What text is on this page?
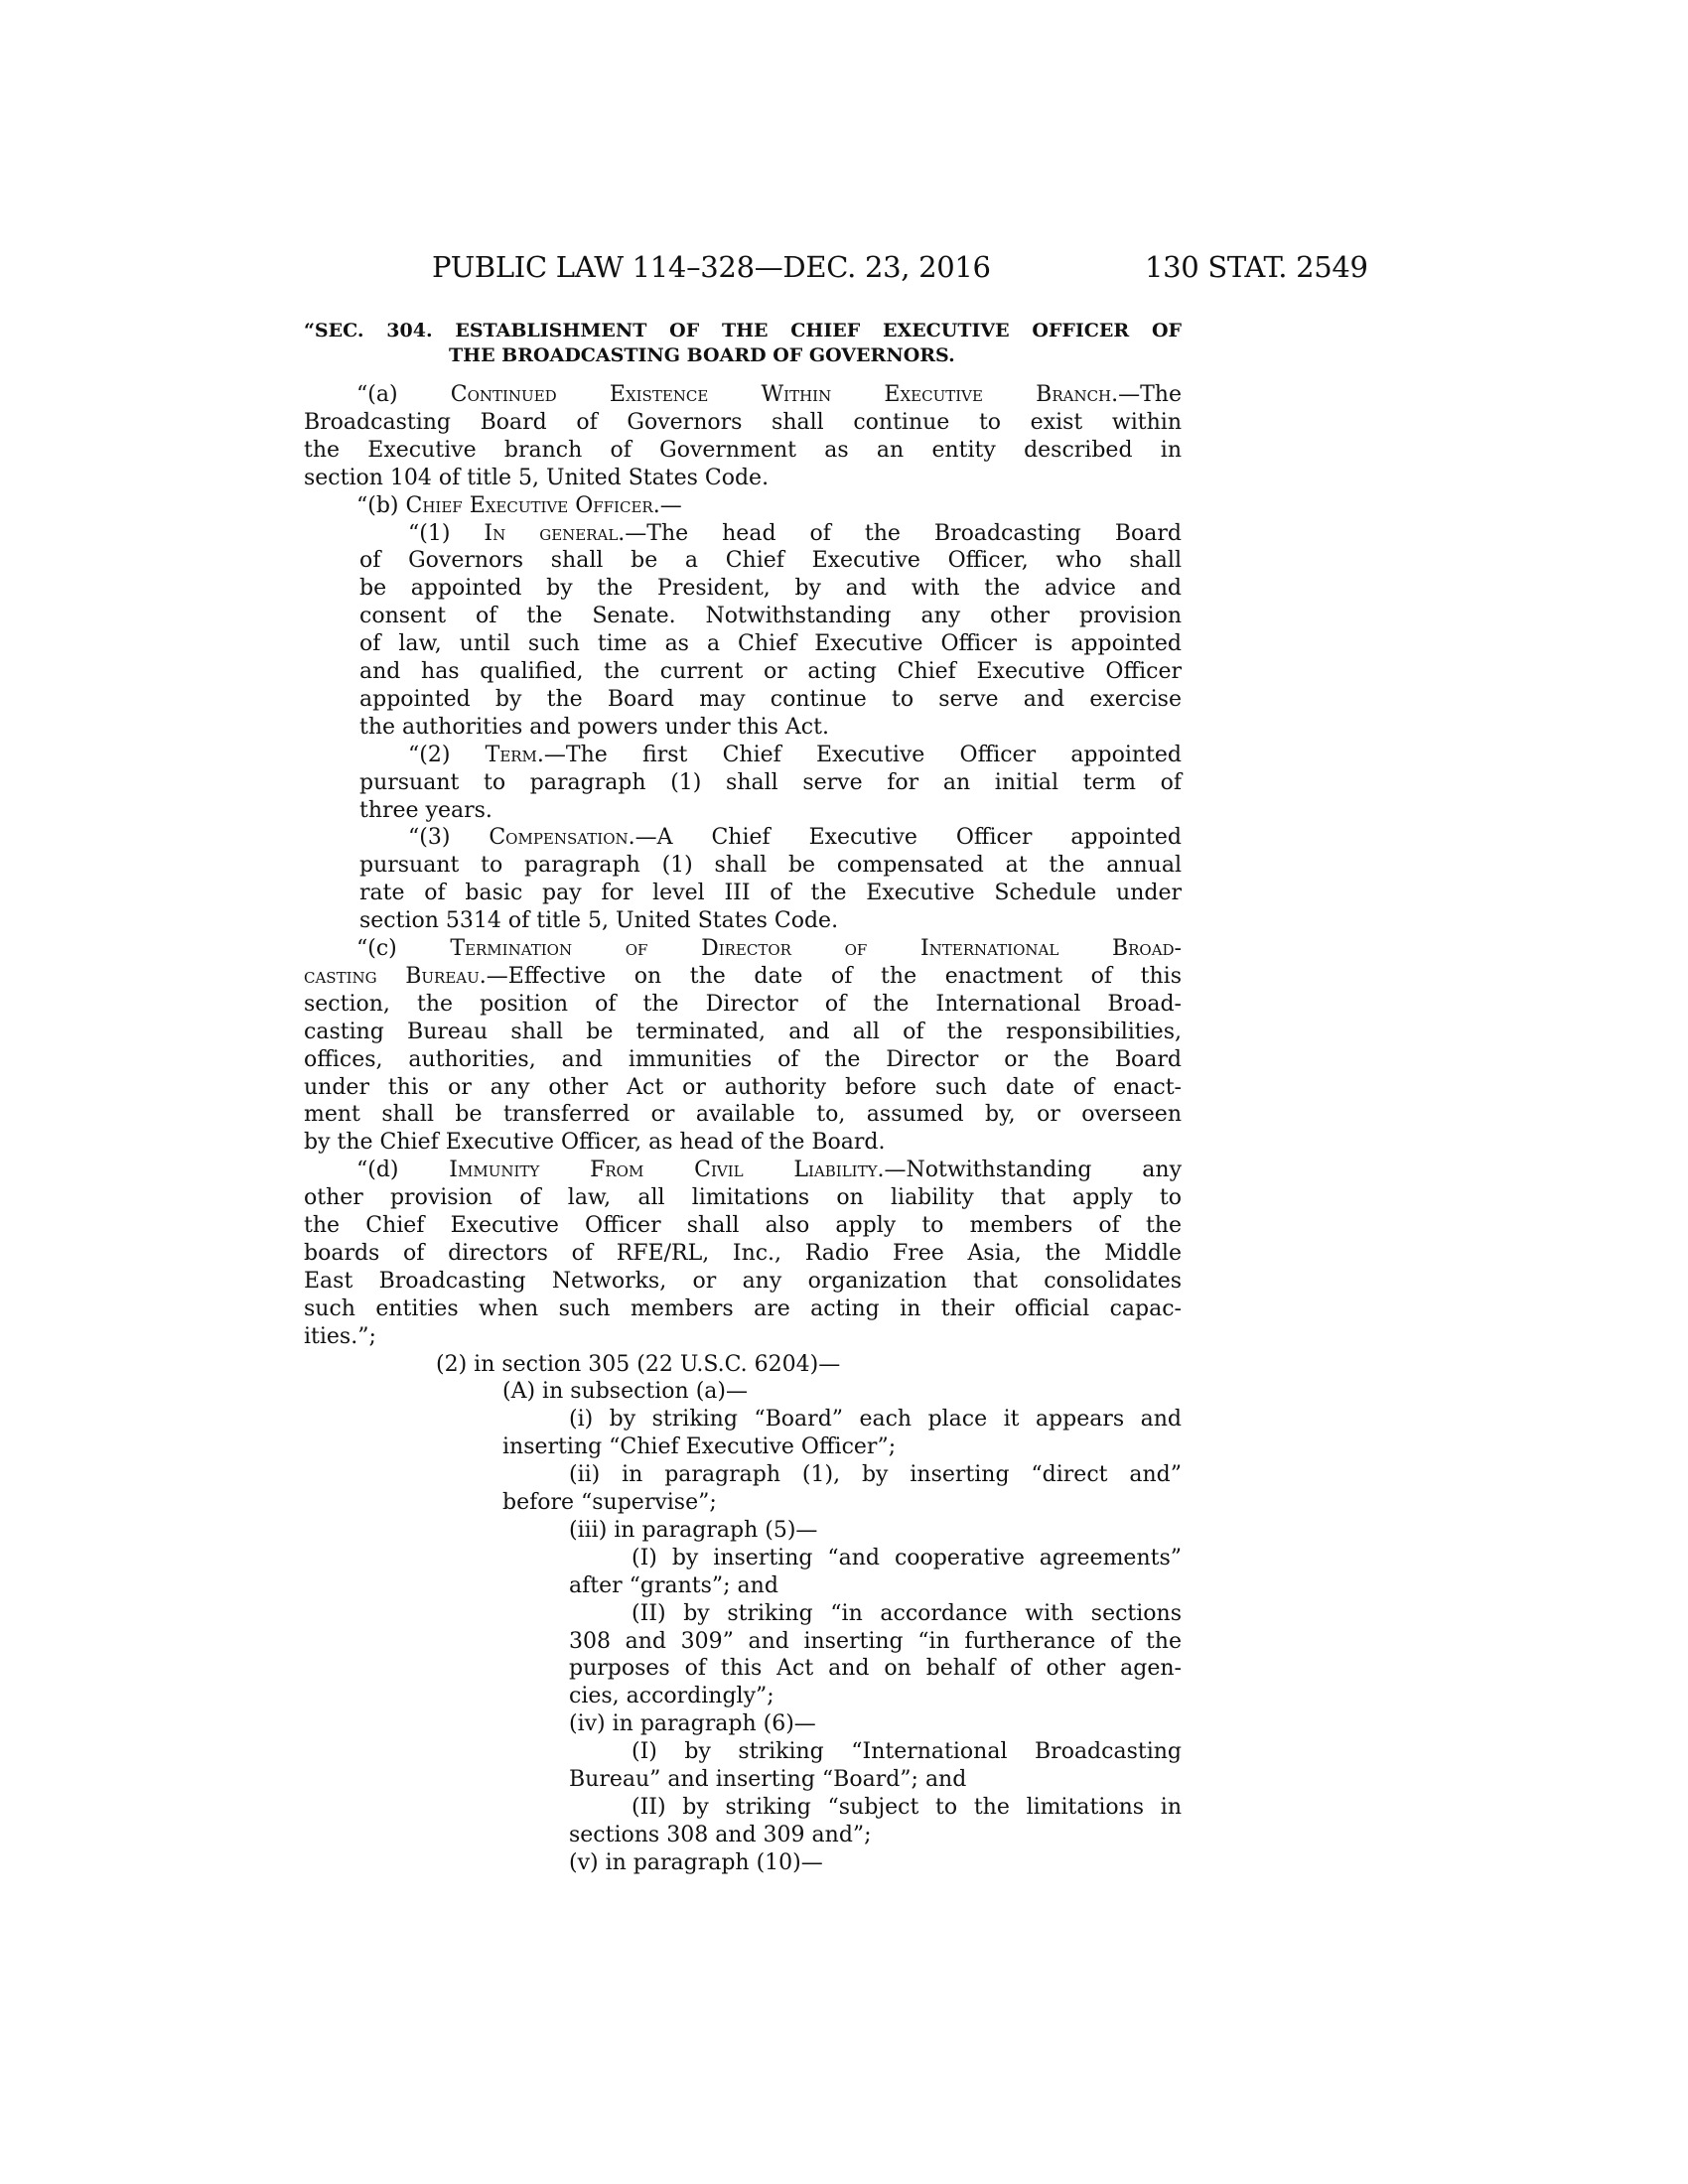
PUBLIC LAW 114–328—DEC. 23, 2016	130 STAT. 2549
“SEC. 304. ESTABLISHMENT OF THE CHIEF EXECUTIVE OFFICER OF
THE BROADCASTING BOARD OF GOVERNORS.
“(a) Continued Existence Within Executive Branch.—The
Broadcasting Board of Governors shall continue to exist within
the Executive branch of Government as an entity described in
section 104 of title 5, United States Code.
“(b) Chief Executive Officer.—
“(1) In general.—The head of the Broadcasting Board
of Governors shall be a Chief Executive Officer, who shall
be appointed by the President, by and with the advice and
consent of the Senate. Notwithstanding any other provision
of law, until such time as a Chief Executive Officer is appointed
and has qualified, the current or acting Chief Executive Officer
appointed by the Board may continue to serve and exercise
the authorities and powers under this Act.
“(2) Term.—The first Chief Executive Officer appointed
pursuant to paragraph (1) shall serve for an initial term of
three years.
“(3) Compensation.—A Chief Executive Officer appointed
pursuant to paragraph (1) shall be compensated at the annual
rate of basic pay for level III of the Executive Schedule under
section 5314 of title 5, United States Code.
“(c) Termination of Director of International Broad-
casting Bureau.—Effective on the date of the enactment of this
section, the position of the Director of the International Broad-
casting Bureau shall be terminated, and all of the responsibilities,
offices, authorities, and immunities of the Director or the Board
under this or any other Act or authority before such date of enact-
ment shall be transferred or available to, assumed by, or overseen
by the Chief Executive Officer, as head of the Board.
“(d) Immunity From Civil Liability.—Notwithstanding any
other provision of law, all limitations on liability that apply to
the Chief Executive Officer shall also apply to members of the
boards of directors of RFE/RL, Inc., Radio Free Asia, the Middle
East Broadcasting Networks, or any organization that consolidates
such entities when such members are acting in their official capac-
ities.”;
(2) in section 305 (22 U.S.C. 6204)—
(A) in subsection (a)—
(i) by striking “Board” each place it appears and
inserting “Chief Executive Officer”;
(ii) in paragraph (1), by inserting “direct and”
before “supervise”;
(iii) in paragraph (5)—
(I) by inserting “and cooperative agreements”
after “grants”; and
(II) by striking “in accordance with sections
308 and 309” and inserting “in furtherance of the
purposes of this Act and on behalf of other agen-
cies, accordingly”;
(iv) in paragraph (6)—
(I) by striking “International Broadcasting
Bureau” and inserting “Board”; and
(II) by striking “subject to the limitations in
sections 308 and 309 and”;
(v) in paragraph (10)—
